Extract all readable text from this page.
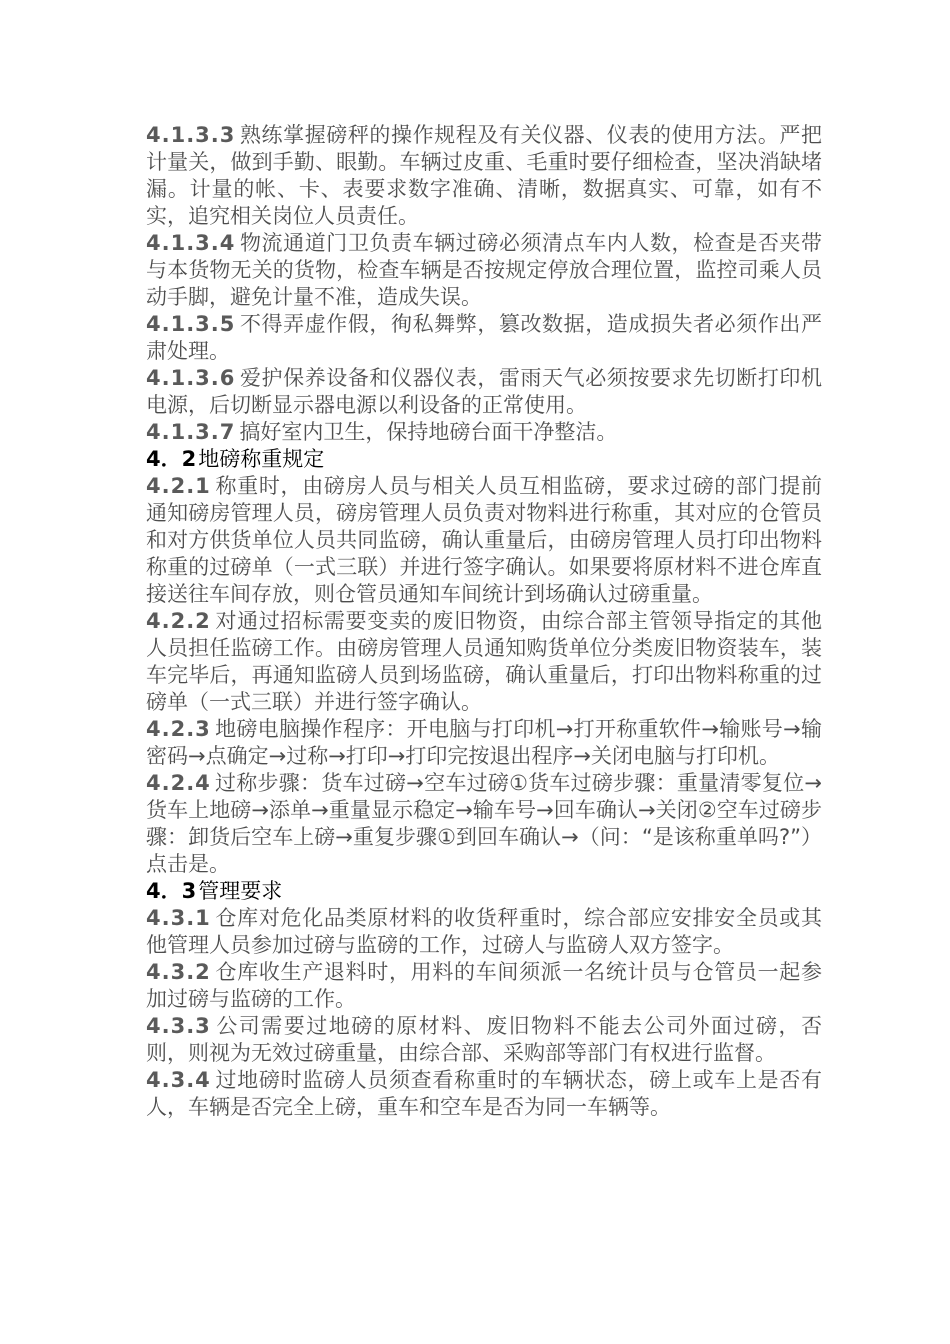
4.1.3.3 熟练掌握磅秤的操作规程及有关仪器、仪表的使用方法。严把计量关，做到手勤、眼勤。车辆过皮重、毛重时要仔细检查，坚决消缺堵漏。计量的帐、卡、表要求数字准确、清晰，数据真实、可靠，如有不实，追究相关岗位人员责任。

4.1.3.4 物流通道门卫负责车辆过磅必须清点车内人数，检查是否夹带与本货物无关的货物，检查车辆是否按规定停放合理位置，监控司乘人员动手脚，避免计量不准，造成失误。

4.1.3.5 不得弄虚作假，徇私舞弊，篡改数据，造成损失者必须作出严肃处理。

4.1.3.6 爱护保养设备和仪器仪表，雷雨天气必须按要求先切断打印机电源，后切断显示器电源以利设备的正常使用。

4.1.3.7 搞好室内卫生，保持地磅台面干净整洁。

4．2地磅称重规定

4.2.1 称重时，由磅房人员与相关人员互相监磅，要求过磅的部门提前通知磅房管理人员，磅房管理人员负责对物料进行称重，其对应的仓管员和对方供货单位人员共同监磅，确认重量后，由磅房管理人员打印出物料称重的过磅单（一式三联）并进行签字确认。如果要将原材料不进仓库直接送往车间存放，则仓管员通知车间统计到场确认过磅重量。

4.2.2 对通过招标需要变卖的废旧物资，由综合部主管领导指定的其他人员担任监磅工作。由磅房管理人员通知购货单位分类废旧物资装车，装车完毕后，再通知监磅人员到场监磅，确认重量后，打印出物料称重的过磅单（一式三联）并进行签字确认。

4.2.3 地磅电脑操作程序：开电脑与打印机→打开称重软件→输账号→输密码→点确定→过称→打印→打印完按退出程序→关闭电脑与打印机。

4.2.4 过称步骤：货车过磅→空车过磅①货车过磅步骤：重量清零复位→货车上地磅→添单→重量显示稳定→输车号→回车确认→关闭②空车过磅步骤：卸货后空车上磅→重复步骤①到回车确认→（问：“是该称重单吗?”）点击是。

4．3管理要求

4.3.1 仓库对危化品类原材料的收货秤重时，综合部应安排安全员或其他管理人员参加过磅与监磅的工作，过磅人与监磅人双方签字。

4.3.2 仓库收生产退料时，用料的车间须派一名统计员与仓管员一起参加过磅与监磅的工作。

4.3.3 公司需要过地磅的原材料、废旧物料不能去公司外面过磅，否则，则视为无效过磅重量，由综合部、采购部等部门有权进行监督。

4.3.4 过地磅时监磅人员须查看称重时的车辆状态，磅上或车上是否有人，车辆是否完全上磅，重车和空车是否为同一车辆等。
